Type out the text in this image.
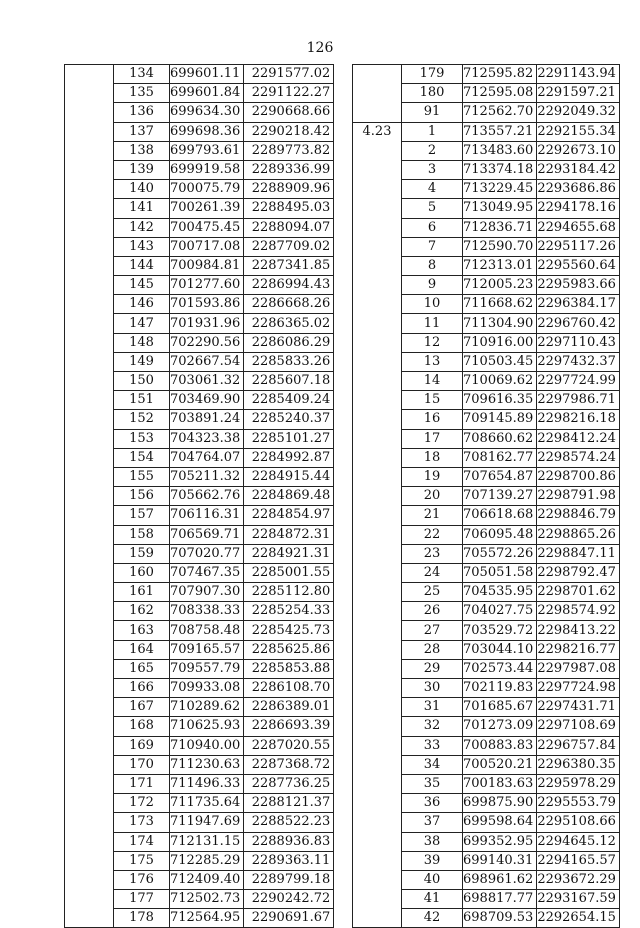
126
	134	699601.11	2291577.02
	135	699601.84	2291122.27
	136	699634.30	2290668.66
	137	699698.36	2290218.42
	138	699793.61	2289773.82
	139	699919.58	2289336.99
	140	700075.79	2288909.96
	141	700261.39	2288495.03
	142	700475.45	2288094.07
	143	700717.08	2287709.02
	144	700984.81	2287341.85
	145	701277.60	2286994.43
	146	701593.86	2286668.26
	147	701931.96	2286365.02
	148	702290.56	2286086.29
	149	702667.54	2285833.26
	150	703061.32	2285607.18
	151	703469.90	2285409.24
	152	703891.24	2285240.37
	153	704323.38	2285101.27
	154	704764.07	2284992.87
	155	705211.32	2284915.44
	156	705662.76	2284869.48
	157	706116.31	2284854.97
	158	706569.71	2284872.31
	159	707020.77	2284921.31
	160	707467.35	2285001.55
	161	707907.30	2285112.80
	162	708338.33	2285254.33
	163	708758.48	2285425.73
	164	709165.57	2285625.86
	165	709557.79	2285853.88
	166	709933.08	2286108.70
	167	710289.62	2286389.01
	168	710625.93	2286693.39
	169	710940.00	2287020.55
	170	711230.63	2287368.72
	171	711496.33	2287736.25
	172	711735.64	2288121.37
	173	711947.69	2288522.23
	174	712131.15	2288936.83
	175	712285.29	2289363.11
	176	712409.40	2289799.18
	177	712502.73	2290242.72
	178	712564.95	2290691.67
	179	712595.82	2291143.94
	180	712595.08	2291597.21
	91	712562.70	2292049.32
4.23	1	713557.21	2292155.34
	2	713483.60	2292673.10
	3	713374.18	2293184.42
	4	713229.45	2293686.86
	5	713049.95	2294178.16
	6	712836.71	2294655.68
	7	712590.70	2295117.26
	8	712313.01	2295560.64
	9	712005.23	2295983.66
	10	711668.62	2296384.17
	11	711304.90	2296760.42
	12	710916.00	2297110.43
	13	710503.45	2297432.37
	14	710069.62	2297724.99
	15	709616.35	2297986.71
	16	709145.89	2298216.18
	17	708660.62	2298412.24
	18	708162.77	2298574.24
	19	707654.87	2298700.86
	20	707139.27	2298791.98
	21	706618.68	2298846.79
	22	706095.48	2298865.26
	23	705572.26	2298847.11
	24	705051.58	2298792.47
	25	704535.95	2298701.62
	26	704027.75	2298574.92
	27	703529.72	2298413.22
	28	703044.10	2298216.77
	29	702573.44	2297987.08
	30	702119.83	2297724.98
	31	701685.67	2297431.71
	32	701273.09	2297108.69
	33	700883.83	2296757.84
	34	700520.21	2296380.35
	35	700183.63	2295978.29
	36	699875.90	2295553.79
	37	699598.64	2295108.66
	38	699352.95	2294645.12
	39	699140.31	2294165.57
	40	698961.62	2293672.29
	41	698817.77	2293167.59
	42	698709.53	2292654.15
